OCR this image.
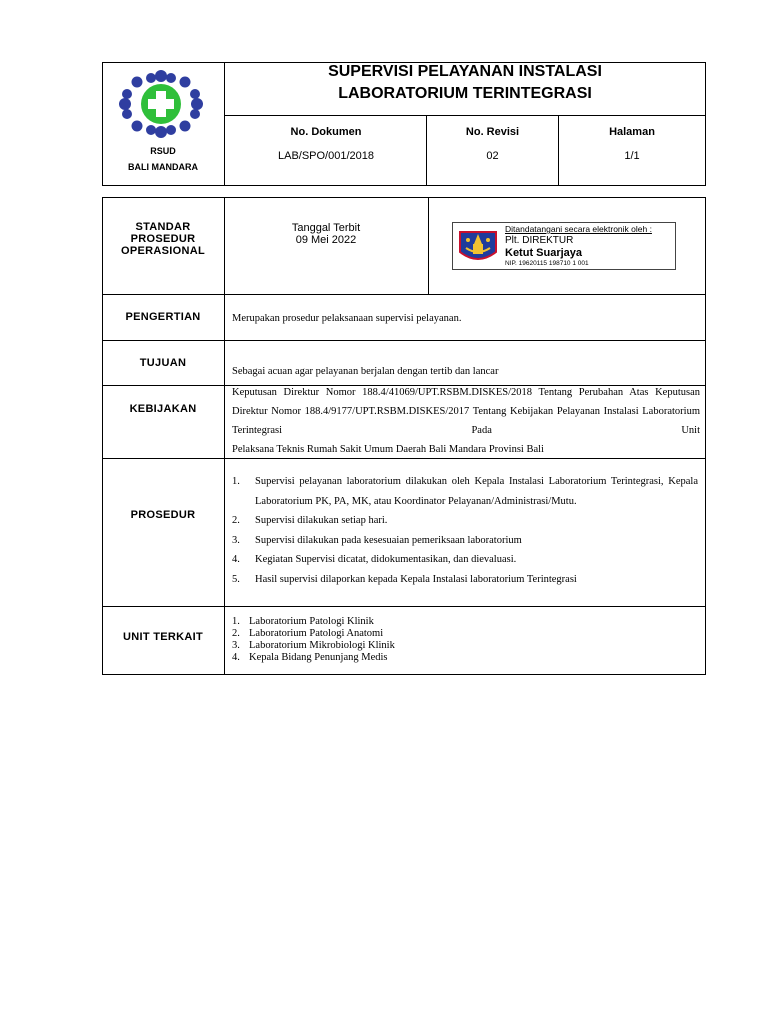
RSUD
BALI MANDARA
SUPERVISI PELAYANAN INSTALASI
LABORATORIUM TERINTEGRASI
No. Dokumen
LAB/SPO/001/2018
No. Revisi
02
Halaman
1/1
STANDAR
PROSEDUR
OPERASIONAL
Tanggal Terbit
09 Mei 2022
Ditandatangani secara elektronik oleh :
Plt. DIREKTUR
Ketut Suarjaya
NIP. 19620115 198710 1 001
PENGERTIAN	Merupakan prosedur pelaksanaan supervisi pelayanan.
TUJUAN
Sebagai acuan agar pelayanan berjalan dengan tertib dan lancar
KEBIJAKAN
Keputusan Direktur Nomor 188.4/41069/UPT.RSBM.DISKES/2018 Tentang Perubahan Atas Keputusan Direktur Nomor 188.4/9177/UPT.RSBM.DISKES/2017 Tentang Kebijakan Pelayanan Instalasi Laboratorium Terintegrasi Pada Unit
Pelaksana Teknis Rumah Sakit Umum Daerah Bali Mandara Provinsi Bali
PROSEDUR
1. Supervisi pelayanan laboratorium dilakukan oleh Kepala Instalasi Laboratorium Terintegrasi, Kepala Laboratorium PK, PA, MK, atau Koordinator Pelayanan/Administrasi/Mutu.
2. Supervisi dilakukan setiap hari.
3. Supervisi dilakukan pada kesesuaian pemeriksaan laboratorium
4. Kegiatan Supervisi dicatat, didokumentasikan, dan dievaluasi.
5. Hasil supervisi dilaporkan kepada Kepala Instalasi laboratorium Terintegrasi
UNIT TERKAIT
1. Laboratorium Patologi Klinik
2. Laboratorium Patologi Anatomi
3. Laboratorium Mikrobiologi Klinik
4. Kepala Bidang Penunjang Medis
